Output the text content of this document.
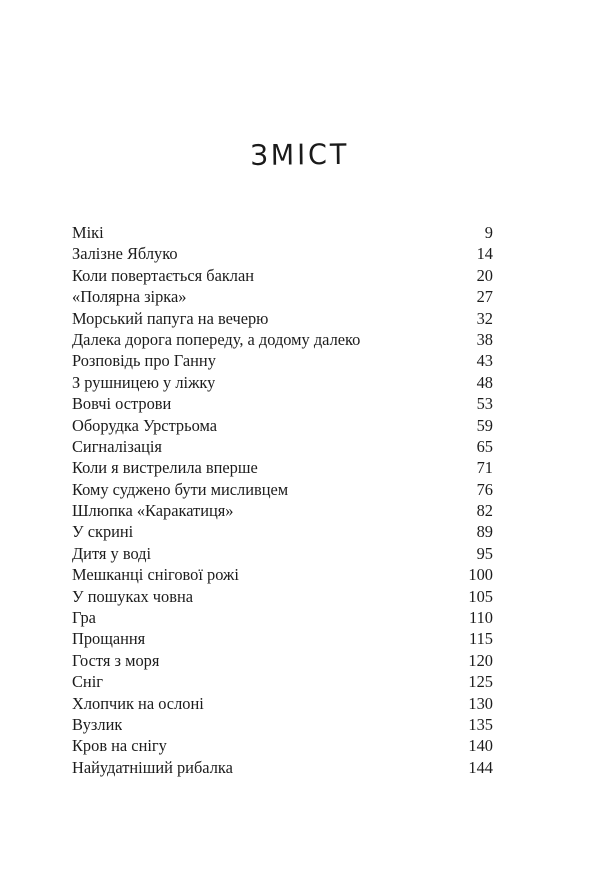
ЗМІСТ
Мікі	9
Залізне Яблуко	14
Коли повертається баклан	20
«Полярна зірка»	27
Морський папуга на вечерю	32
Далека дорога попереду, а додому далеко	38
Розповідь про Ганну	43
З рушницею у ліжку	48
Вовчі острови	53
Оборудка Урстрьома	59
Сигналізація	65
Коли я вистрелила вперше	71
Кому суджено бути мисливцем	76
Шлюпка «Каракатиця»	82
У скрині	89
Дитя у воді	95
Мешканці снігової рожі	100
У пошуках човна	105
Гра	110
Прощання	115
Гостя з моря	120
Сніг	125
Хлопчик на ослоні	130
Вузлик	135
Кров на снігу	140
Найудатніший рибалка	144
